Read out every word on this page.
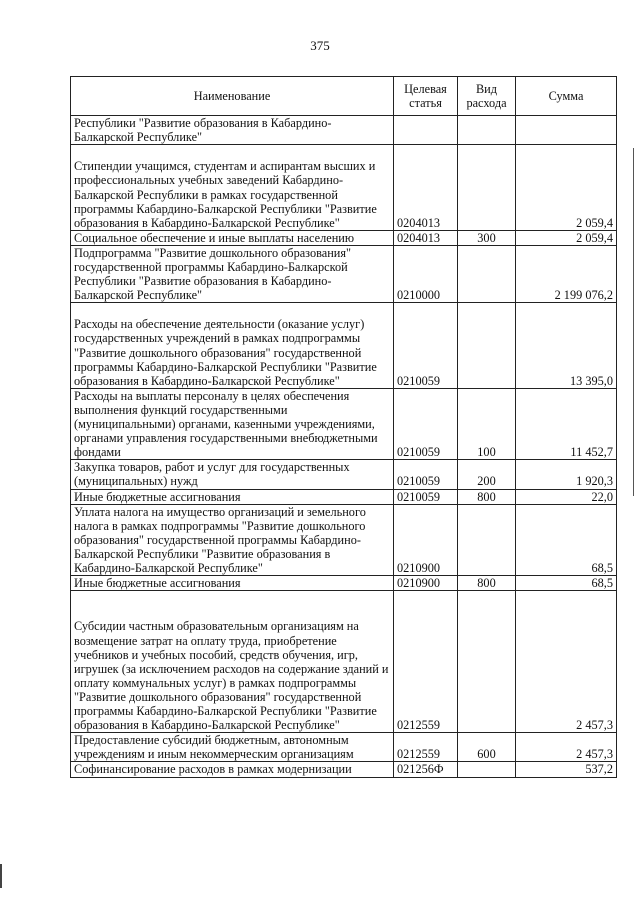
375
Наименование	Целевая статья	Вид расхода	Сумма
Республики "Развитие образования в Кабардино-Балкарской Республике"			
Стипендии учащимся, студентам и аспирантам высших и профессиональных учебных заведений Кабардино-Балкарской Республики в рамках государственной программы Кабардино-Балкарской Республики "Развитие образования в Кабардино-Балкарской Республике"	0204013		2 059,4
Социальное обеспечение и иные выплаты населению	0204013	300	2 059,4
Подпрограмма "Развитие дошкольного образования" государственной программы Кабардино-Балкарской Республики "Развитие образования в Кабардино-Балкарской Республике"	0210000		2 199 076,2
Расходы на обеспечение деятельности (оказание услуг) государственных учреждений в рамках подпрограммы "Развитие дошкольного образования" государственной программы Кабардино-Балкарской Республики "Развитие образования в Кабардино-Балкарской Республике"	0210059		13 395,0
Расходы на выплаты персоналу в целях обеспечения выполнения функций государственными (муниципальными) органами, казенными учреждениями, органами управления государственными внебюджетными фондами	0210059	100	11 452,7
Закупка товаров, работ и услуг для государственных (муниципальных) нужд	0210059	200	1 920,3
Иные бюджетные ассигнования	0210059	800	22,0
Уплата налога на имущество организаций и земельного налога в рамках подпрограммы "Развитие дошкольного образования" государственной программы Кабардино-Балкарской Республики "Развитие образования в Кабардино-Балкарской Республике"	0210900		68,5
Иные бюджетные ассигнования	0210900	800	68,5
Субсидии частным образовательным организациям на возмещение затрат на оплату труда, приобретение учебников и учебных пособий, средств обучения, игр, игрушек (за исключением расходов на содержание зданий и оплату коммунальных услуг) в рамках подпрограммы "Развитие дошкольного образования" государственной программы Кабардино-Балкарской Республики "Развитие образования в Кабардино-Балкарской Республике"	0212559		2 457,3
Предоставление субсидий бюджетным, автономным учреждениям и иным некоммерческим организациям	0212559	600	2 457,3
Софинансирование расходов в рамках модернизации	021256Ф		537,2
